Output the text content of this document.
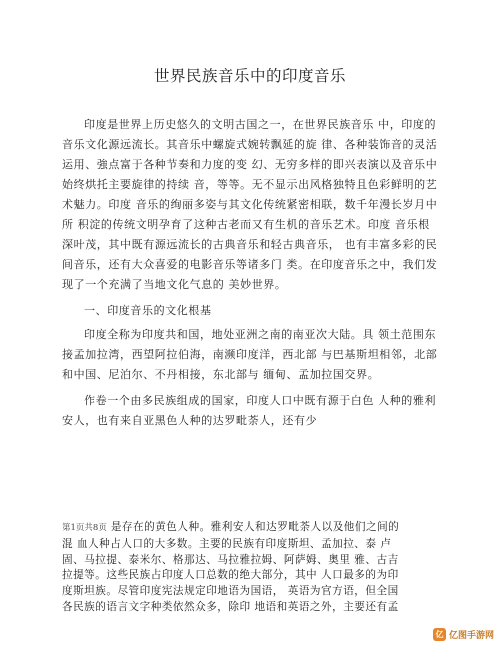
世界民族音乐中的印度音乐

印度是世界上历史悠久的文明古国之一，在世界民族音乐 中，印度的音乐文化源远流长。其音乐中螺旋式婉转飘延的旋 律、各种装饰音的灵活运用、強点富于各种节奏和力度的变 幻、无穷多样的即兴表演以及音乐中始终烘托主要旋律的持续 音，等等。无不显示出风格独特且色彩鲜明的艺术魅力。印度 音乐的绚丽多姿与其文化传统紧密相联，数千年漫长岁月中所 积淀的传统文明孕育了这种古老而又有生机的音乐艺术。印度 音乐根深叶茂，其中既有源远流长的古典音乐和轻古典音乐， 也有丰富多彩的民间音乐，还有大众喜爱的电影音乐等诸多门 类。在印度音乐之中，我们发现了一个充满了当地文化气息的 美妙世界。

一、印度音乐的文化根基

印度全称为印度共和国，地处亚洲之南的南亚次大陆。具 领土范围东接孟加拉湾，西望阿拉伯海，南濒印度洋，西北部 与巴基斯坦相邻，北部和中国、尼泊尔、不丹相接，东北部与 缅甸、孟加拉国交界。

作卷一个由多民族组成的国家，印度人口中既有源于白色 人种的雅利安人，也有来自亚黑色人种的达罗毗荼人，还有少

第1页共8页 是存在的黄色人种。雅利安人和达罗毗荼人以及他们之间的
混 血人种占人口的大多数。主要的民族有印度斯坦、孟加拉、泰 卢
固、马拉提、泰米尔、格那达、马拉雅拉姆、阿萨姆、奥里 雅、古吉
拉提等。这些民族占印度人口总数的绝大部分，其中 人口最多的为印
度斯坦族。尽管印度宪法规定印地语为国语， 英语为官方语，但全国
各民族的语言文字种类依然众多，除印 地语和英语之外，主要还有孟
亿 亿图手游网
